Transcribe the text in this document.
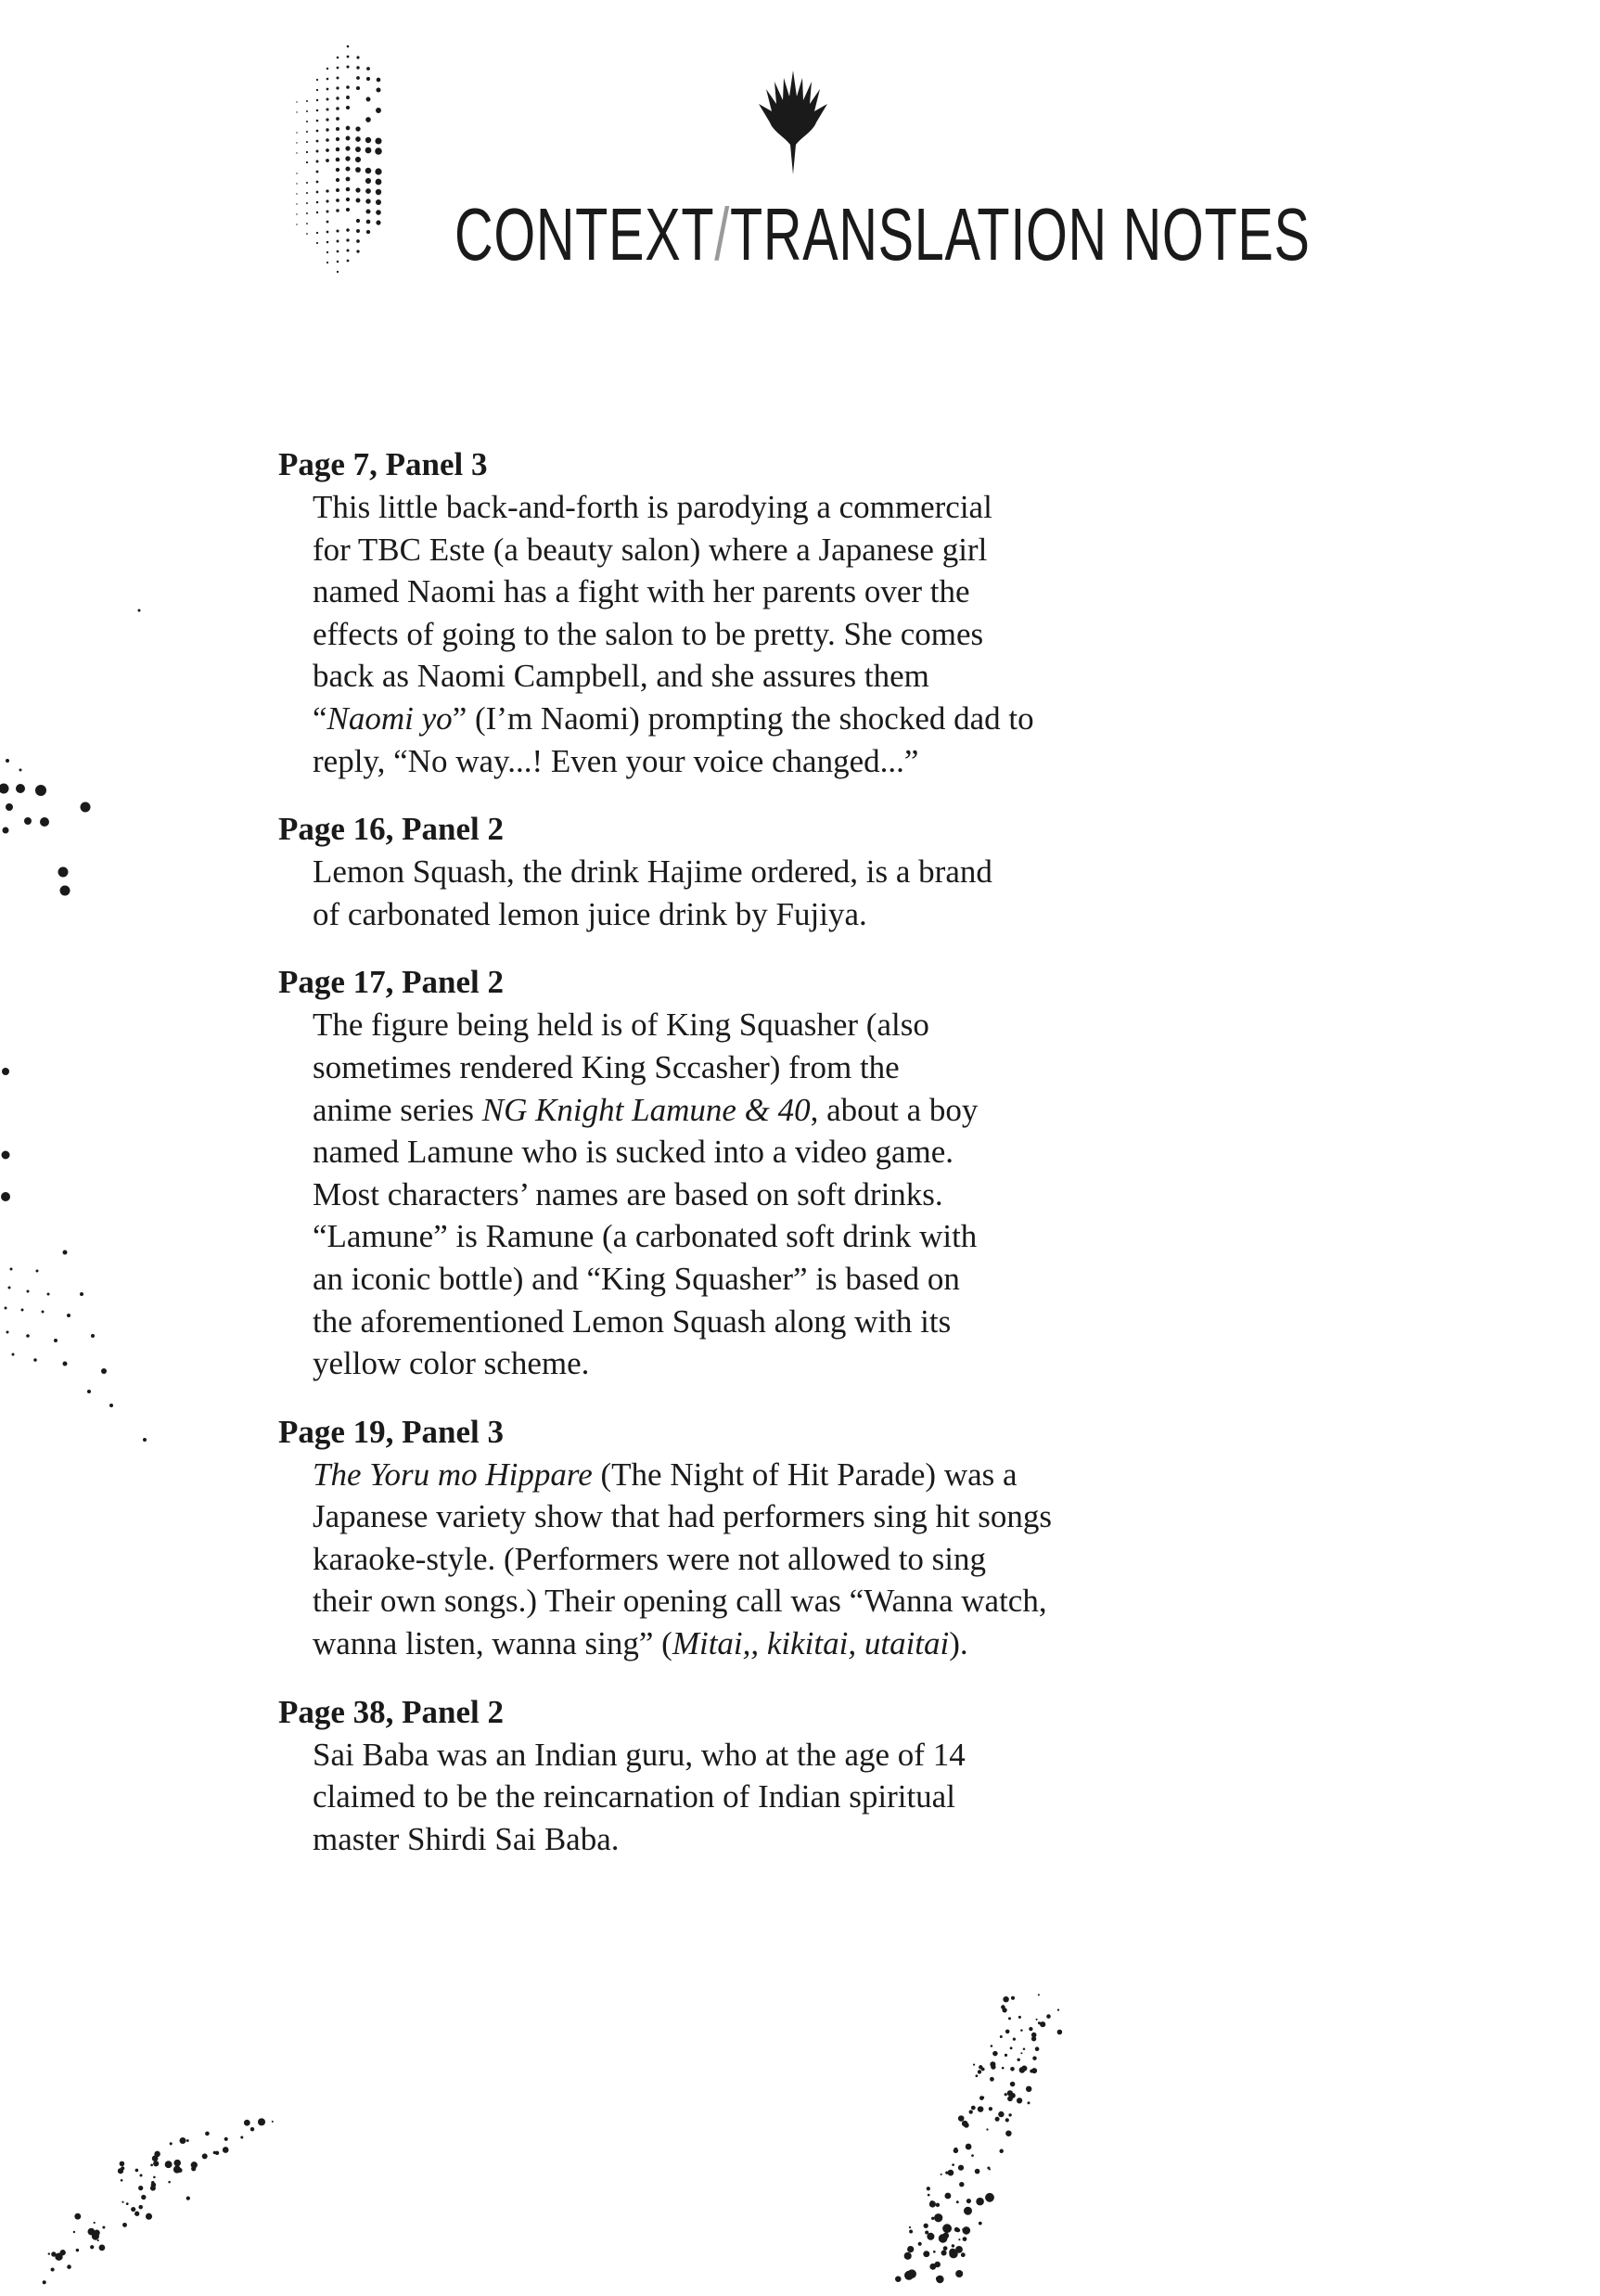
CONTEXT/TRANSLATION NOTES

Page 7, Panel 3

This little back-and-forth is parodying a commercial
for TBC Este (a beauty salon) where a Japanese girl
named Naomi has a fight with her parents over the
effects of going to the salon to be pretty. She comes
back as Naomi Campbell, and she assures them
“Naomi yo” (I’m Naomi) prompting the shocked dad to
reply, “No way...! Even your voice changed...”

Page 16, Panel 2

Lemon Squash, the drink Hajime ordered, is a brand
of carbonated lemon juice drink by Fujiya.

Page 17, Panel 2

The figure being held is of King Squasher (also
sometimes rendered King Sccasher) from the
anime series NG Knight Lamune & 40, about a boy
named Lamune who is sucked into a video game.
Most characters’ names are based on soft drinks.
“Lamune” is Ramune (a carbonated soft drink with
an iconic bottle) and “King Squasher” is based on
the aforementioned Lemon Squash along with its
yellow color scheme.

Page 19, Panel 3

The Yoru mo Hippare (The Night of Hit Parade) was a
Japanese variety show that had performers sing hit songs
karaoke-style. (Performers were not allowed to sing
their own songs.) Their opening call was “Wanna watch,
wanna listen, wanna sing” (Mitai,, kikitai, utaitai).

Page 38, Panel 2

Sai Baba was an Indian guru, who at the age of 14
claimed to be the reincarnation of Indian spiritual
master Shirdi Sai Baba.
